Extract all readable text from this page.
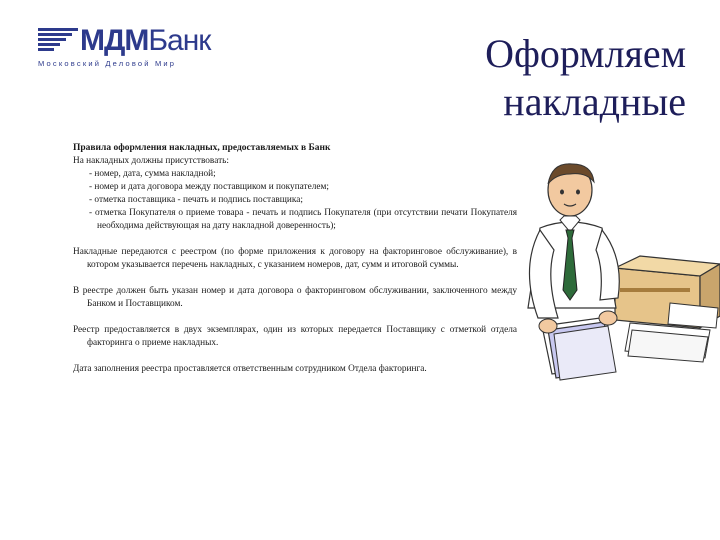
МДМБанк
Московский Деловой Мир	Оформляем
накладные

Правила оформления накладных, предоставляемых в Банк

На накладных должны присутствовать:

- номер, дата, сумма накладной;

- номер и дата договора между поставщиком и покупателем;

- отметка поставщика - печать и подпись поставщика;

- отметка Покупателя о приеме товара - печать и подпись Покупателя (при отсутствии печати Покупателя необходима действующая на дату накладной доверенность);

Накладные передаются с реестром (по форме приложения к договору на факторинговое обслуживание), в котором указывается перечень накладных, с указанием номеров, дат, сумм и итоговой суммы.

В реестре должен быть указан номер и дата договора о факторинговом обслуживании, заключенного между Банком и Поставщиком.

Реестр предоставляется в двух экземплярах, один из которых передается Поставщику с отметкой отдела факторинга о приеме накладных.

Дата заполнения реестра проставляется ответственным сотрудником Отдела факторинга.
